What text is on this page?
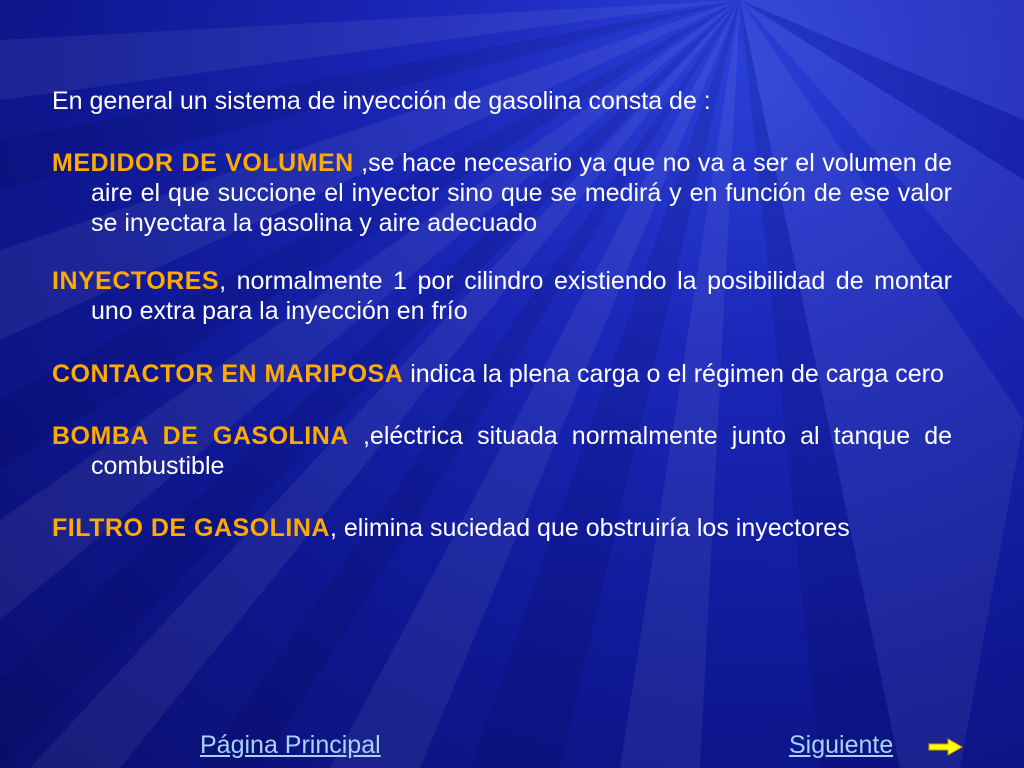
En general un sistema de inyección de gasolina consta de :

MEDIDOR DE VOLUMEN ,se hace necesario ya que no va a ser el volumen de aire el que succione el inyector sino que se medirá y en función de ese valor se inyectara la gasolina y aire adecuado

INYECTORES, normalmente 1 por cilindro existiendo la posibilidad de montar uno extra para la inyección en frío

CONTACTOR EN MARIPOSA indica la plena carga o el régimen de carga cero

BOMBA DE GASOLINA ,eléctrica situada normalmente junto al tanque de combustible

FILTRO DE GASOLINA, elimina suciedad que obstruiría los inyectores

Página Principal	Siguiente
